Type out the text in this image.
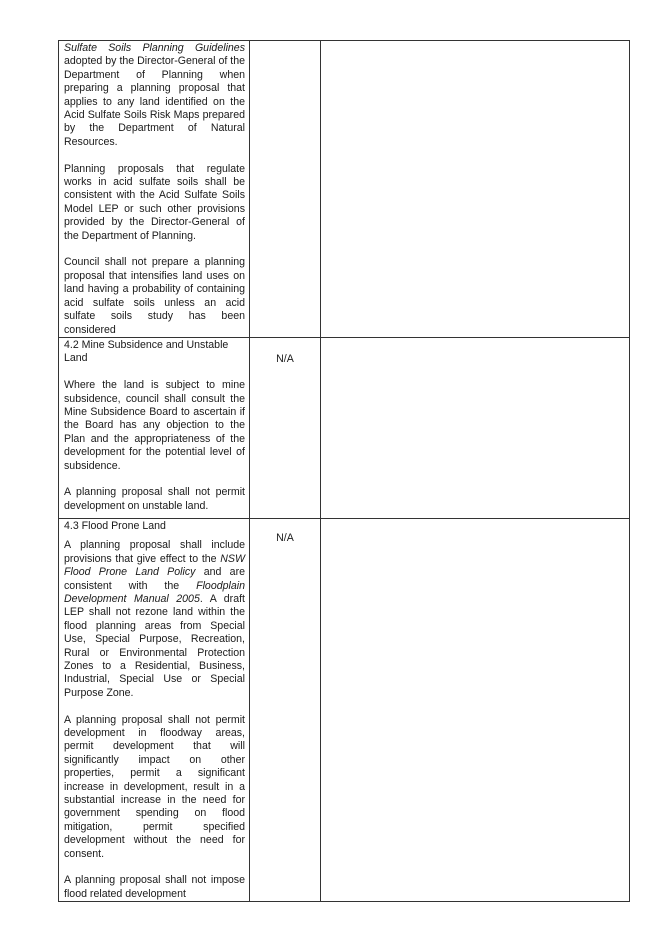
Sulfate Soils Planning Guidelines adopted by the Director-General of the Department of Planning when preparing a planning proposal that applies to any land identified on the Acid Sulfate Soils Risk Maps prepared by the Department of Natural Resources.

Planning proposals that regulate works in acid sulfate soils shall be consistent with the Acid Sulfate Soils Model LEP or such other provisions provided by the Director-General of the Department of Planning.

Council shall not prepare a planning proposal that intensifies land uses on land having a probability of containing acid sulfate soils unless an acid sulfate soils study has been considered		

4.2 Mine Subsidence and Unstable Land

Where the land is subject to mine subsidence, council shall consult the Mine Subsidence Board to ascertain if the Board has any objection to the Plan and the appropriateness of the development for the potential level of subsidence.

A planning proposal shall not permit development on unstable land.	N/A	

4.3 Flood Prone Land

A planning proposal shall include provisions that give effect to the NSW Flood Prone Land Policy and are consistent with the Floodplain Development Manual 2005. A draft LEP shall not rezone land within the flood planning areas from Special Use, Special Purpose, Recreation, Rural or Environmental Protection Zones to a Residential, Business, Industrial, Special Use or Special Purpose Zone.

A planning proposal shall not permit development in floodway areas, permit development that will significantly impact on other properties, permit a significant increase in development, result in a substantial increase in the need for government spending on flood mitigation, permit specified development without the need for consent.

A planning proposal shall not impose flood related development	N/A	
